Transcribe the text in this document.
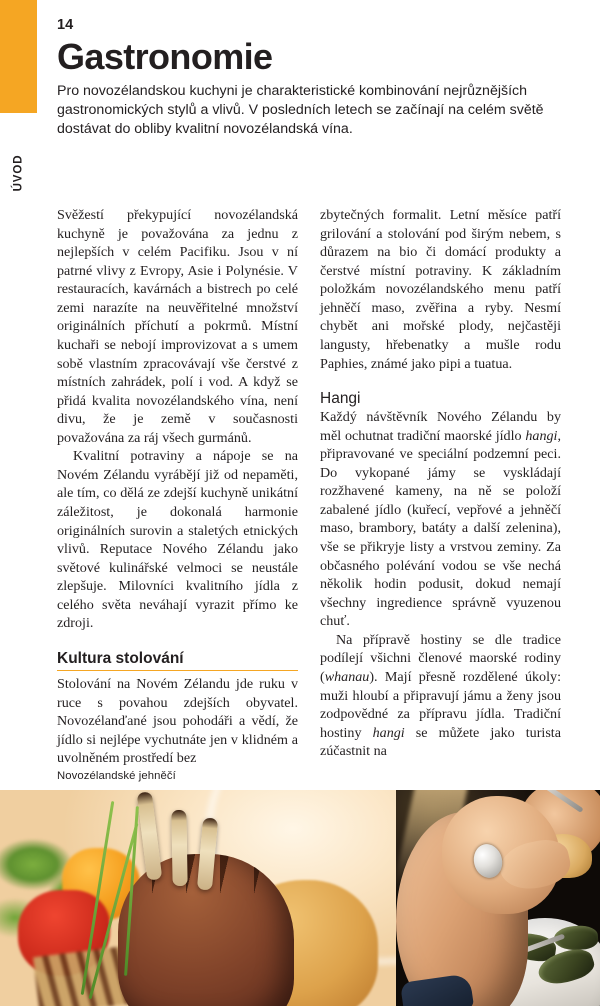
ÚVOD
14
Gastronomie

Pro novozélandskou kuchyni je charakteristické kombinování nejrůznějších gastronomických stylů a vlivů. V posledních letech se začínají na celém světě dostávat do obliby kvalitní novozélandská vína.

Svěžestí překypující novozélandská kuchyně je považována za jednu z nejlepších v celém Pacifiku. Jsou v ní patrné vlivy z Evropy, Asie i Polynésie. V restauracích, kavárnách a bistrech po celé zemi narazíte na neuvěřitelné množství originálních příchutí a pokrmů. Místní kuchaři se nebojí improvizovat a s umem sobě vlastním zpracovávají vše čerstvé z místních zahrádek, polí i vod. A když se přidá kvalita novozélandského vína, není divu, že je země v současnosti považována za ráj všech gurmánů.

Kvalitní potraviny a nápoje se na Novém Zélandu vyrábějí již od nepaměti, ale tím, co dělá ze zdejší kuchyně unikátní záležitost, je dokonalá harmonie originálních surovin a staletých etnických vlivů. Reputace Nového Zélandu jako světové kulinářské velmoci se neustále zlepšuje. Milovníci kvalitního jídla z celého světa neváhají vyrazit přímo ke zdroji.

Kultura stolování

Stolování na Novém Zélandu jde ruku v ruce s povahou zdejších obyvatel. Novozélanďané jsou pohodáři a vědí, že jídlo si nejlépe vychutnáte jen v klidném a uvolněném prostředí bez

zbytečných formalit. Letní měsíce patří grilování a stolování pod širým nebem, s důrazem na bio či domácí produkty a čerstvé místní potraviny. K základním položkám novozélandského menu patří jehněčí maso, zvěřina a ryby. Nesmí chybět ani mořské plody, nejčastěji langusty, hřebenatky a mušle rodu Paphies, známé jako pipi a tuatua.

Hangi

Každý návštěvník Nového Zélandu by měl ochutnat tradiční maorské jídlo hangi, připravované ve speciální podzemní peci. Do vykopané jámy se vyskládají rozžhavené kameny, na ně se položí zabalené jídlo (kuřecí, vepřové a jehněčí maso, brambory, batáty a další zelenina), vše se přikryje listy a vrstvou zeminy. Za občasného polévání vodou se vše nechá několik hodin podusit, dokud nemají všechny ingredience správně vyuzenou chuť.

Na přípravě hostiny se dle tradice podílejí všichni členové maorské rodiny (whanau). Mají přesně rozdělené úkoly: muži hloubí a připravují jámu a ženy jsou zodpovědné za přípravu jídla. Tradiční hostiny hangi se můžete jako turista zúčastnit na

Novozélandské jehněčí
